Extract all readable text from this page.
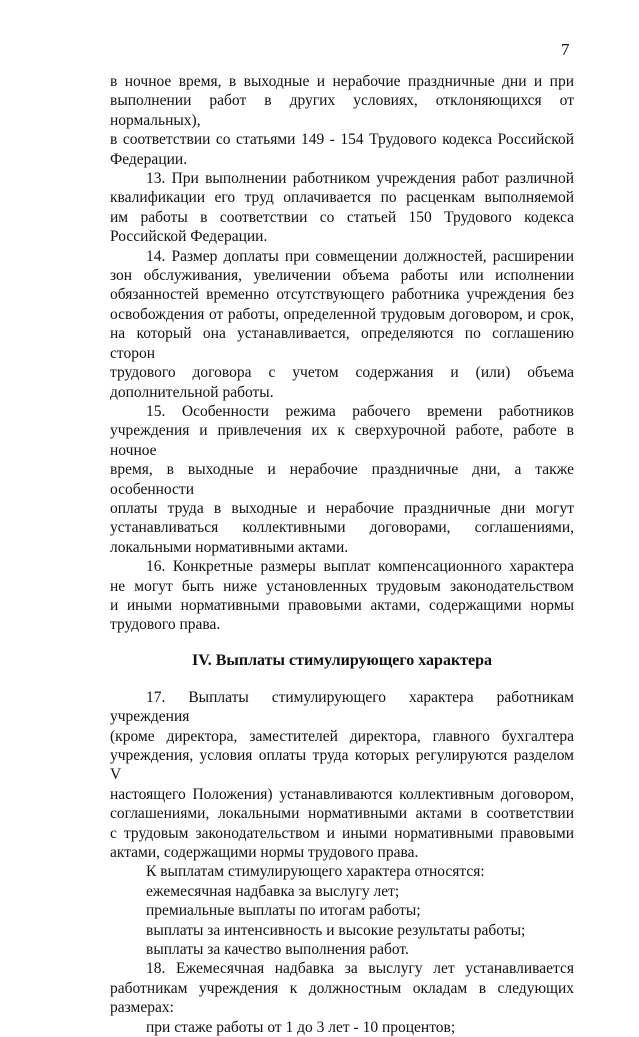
7
в ночное время, в выходные и нерабочие праздничные дни и при
выполнении работ в других условиях, отклоняющихся от нормальных),
в соответствии со статьями 149 - 154 Трудового кодекса Российской
Федерации.
13. При выполнении работником учреждения работ различной
квалификации его труд оплачивается по расценкам выполняемой
им работы в соответствии со статьей 150 Трудового кодекса
Российской Федерации.
14. Размер доплаты при совмещении должностей, расширении
зон обслуживания, увеличении объема работы или исполнении
обязанностей временно отсутствующего работника учреждения без
освобождения от работы, определенной трудовым договором, и срок,
на который она устанавливается, определяются по соглашению сторон
трудового договора с учетом содержания и (или) объема
дополнительной работы.
15. Особенности режима рабочего времени работников
учреждения и привлечения их к сверхурочной работе, работе в ночное
время, в выходные и нерабочие праздничные дни, а также особенности
оплаты труда в выходные и нерабочие праздничные дни могут
устанавливаться коллективными договорами, соглашениями,
локальными нормативными актами.
16. Конкретные размеры выплат компенсационного характера
не могут быть ниже установленных трудовым законодательством
и иными нормативными правовыми актами, содержащими нормы
трудового права.
IV. Выплаты стимулирующего характера
17. Выплаты стимулирующего характера работникам учреждения
(кроме директора, заместителей директора, главного бухгалтера
учреждения, условия оплаты труда которых регулируются разделом V
настоящего Положения) устанавливаются коллективным договором,
соглашениями, локальными нормативными актами в соответствии
с трудовым законодательством и иными нормативными правовыми
актами, содержащими нормы трудового права.
К выплатам стимулирующего характера относятся:
ежемесячная надбавка за выслугу лет;
премиальные выплаты по итогам работы;
выплаты за интенсивность и высокие результаты работы;
выплаты за качество выполнения работ.
18. Ежемесячная надбавка за выслугу лет устанавливается
работникам учреждения к должностным окладам в следующих
размерах:
при стаже работы от 1 до 3 лет - 10 процентов;
